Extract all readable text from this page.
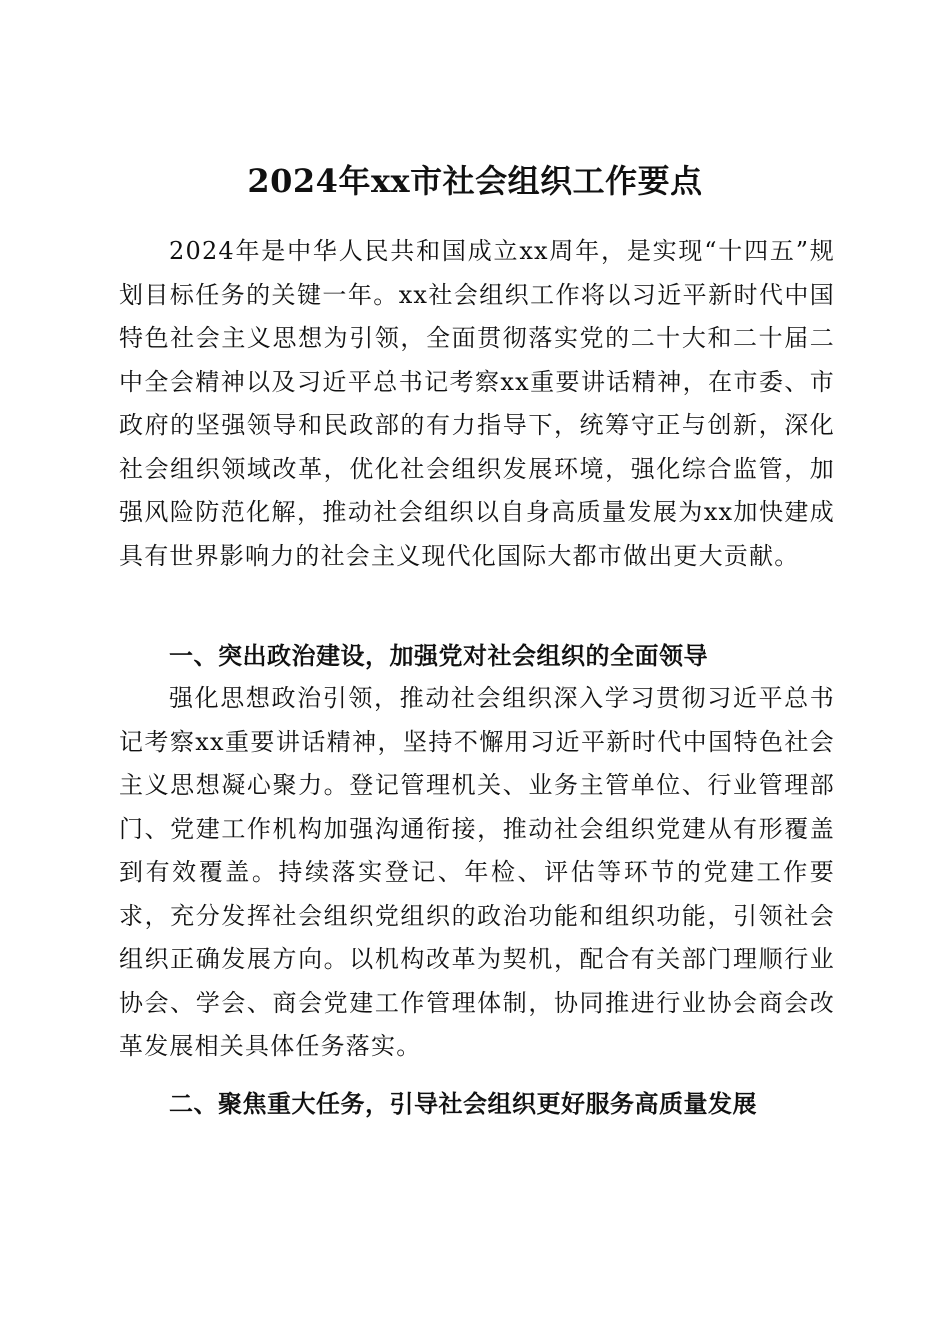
2024年xx市社会组织工作要点

2024年是中华人民共和国成立xx周年，是实现“十四五”规划目标任务的关键一年。xx社会组织工作将以习近平新时代中国特色社会主义思想为引领，全面贯彻落实党的二十大和二十届二中全会精神以及习近平总书记考察xx重要讲话精神，在市委、市政府的坚强领导和民政部的有力指导下，统筹守正与创新，深化社会组织领域改革，优化社会组织发展环境，强化综合监管，加强风险防范化解，推动社会组织以自身高质量发展为xx加快建成具有世界影响力的社会主义现代化国际大都市做出更大贡献。

一、突出政治建设，加强党对社会组织的全面领导

强化思想政治引领，推动社会组织深入学习贯彻习近平总书记考察xx重要讲话精神，坚持不懈用习近平新时代中国特色社会主义思想凝心聚力。登记管理机关、业务主管单位、行业管理部门、党建工作机构加强沟通衔接，推动社会组织党建从有形覆盖到有效覆盖。持续落实登记、年检、评估等环节的党建工作要求，充分发挥社会组织党组织的政治功能和组织功能，引领社会组织正确发展方向。以机构改革为契机，配合有关部门理顺行业协会、学会、商会党建工作管理体制，协同推进行业协会商会改革发展相关具体任务落实。

二、聚焦重大任务，引导社会组织更好服务高质量发展
